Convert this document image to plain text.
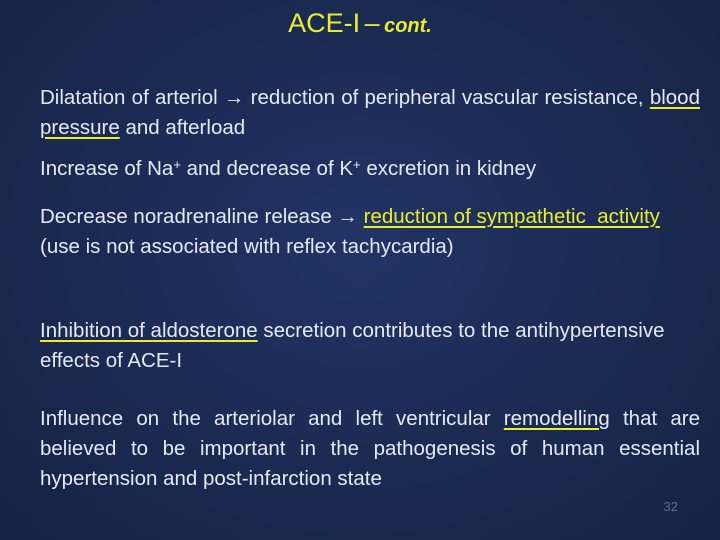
ACE-I – cont.

Dilatation of arteriol → reduction of peripheral vascular resistance, blood pressure and afterload

Increase of Na+ and decrease of K+ excretion in kidney

Decrease noradrenaline release → reduction of sympathetic  activity (use is not associated with reflex tachycardia)

Inhibition of aldosterone secretion contributes to the antihypertensive effects of ACE-I

Influence on the arteriolar and left ventricular remodelling that are believed to be important in the pathogenesis of human essential hypertension and post-infarction state

32
